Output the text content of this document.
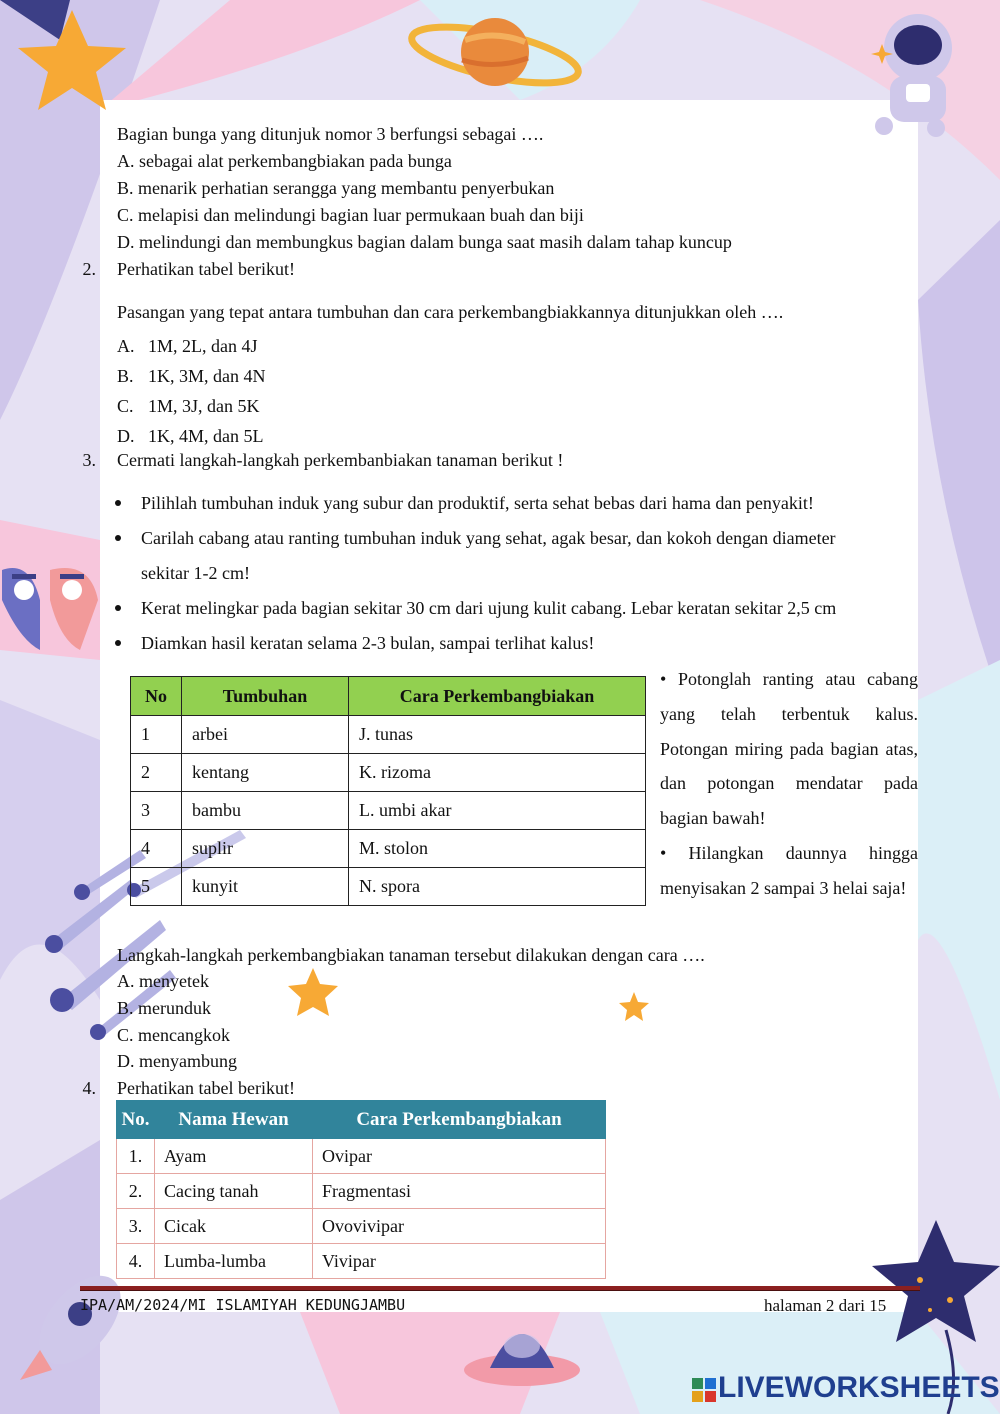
Bagian bunga yang ditunjuk nomor 3 berfungsi sebagai ….
A. sebagai alat perkembangbiakan pada bunga
B. menarik perhatian serangga yang membantu penyerbukan
C. melapisi dan melindungi bagian luar permukaan buah dan biji
D. melindungi dan membungkus bagian dalam bunga saat masih dalam tahap kuncup
2. Perhatikan tabel berikut!
Pasangan yang tepat antara tumbuhan dan cara perkembangbiakkannya ditunjukkan oleh ….
A. 1M, 2L, dan 4J
B. 1K, 3M, dan 4N
C. 1M, 3J, dan 5K
D. 1K, 4M, dan 5L
3. Cermati langkah-langkah perkembanbiakan tanaman berikut !
Pilihlah tumbuhan induk yang subur dan produktif, serta sehat bebas dari hama dan penyakit!
Carilah cabang atau ranting tumbuhan induk yang sehat, agak besar, dan kokoh dengan diameter
sekitar 1-2 cm!
Kerat melingkar pada bagian sekitar 30 cm dari ujung kulit cabang. Lebar keratan sekitar 2,5 cm
Diamkan hasil keratan selama 2-3 bulan, sampai terlihat kalus!
No	Tumbuhan	Cara Perkembangbiakan
1	arbei	J. tunas
2	kentang	K. rizoma
3	bambu	L. umbi akar
4	suplir	M. stolon
5	kunyit	N. spora

• Potonglah ranting atau cabang yang telah terbentuk kalus. Potongan miring pada bagian atas, dan potongan mendatar pada bagian bawah!

• Hilangkan daunnya hingga menyisakan 2 sampai 3 helai saja!

Langkah-langkah perkembangbiakan tanaman tersebut dilakukan dengan cara ….
A. menyetek
B. merunduk
C. mencangkok
D. menyambung
4. Perhatikan tabel berikut!
No.	Nama Hewan	Cara Perkembangbiakan
1.	Ayam	Ovipar
2.	Cacing tanah	Fragmentasi
3.	Cicak	Ovovivipar
4.	Lumba-lumba	Vivipar
IPA/AM/2024/MI ISLAMIYAH KEDUNGJAMBU	halaman 2 dari 15
LIVEWORKSHEETS
